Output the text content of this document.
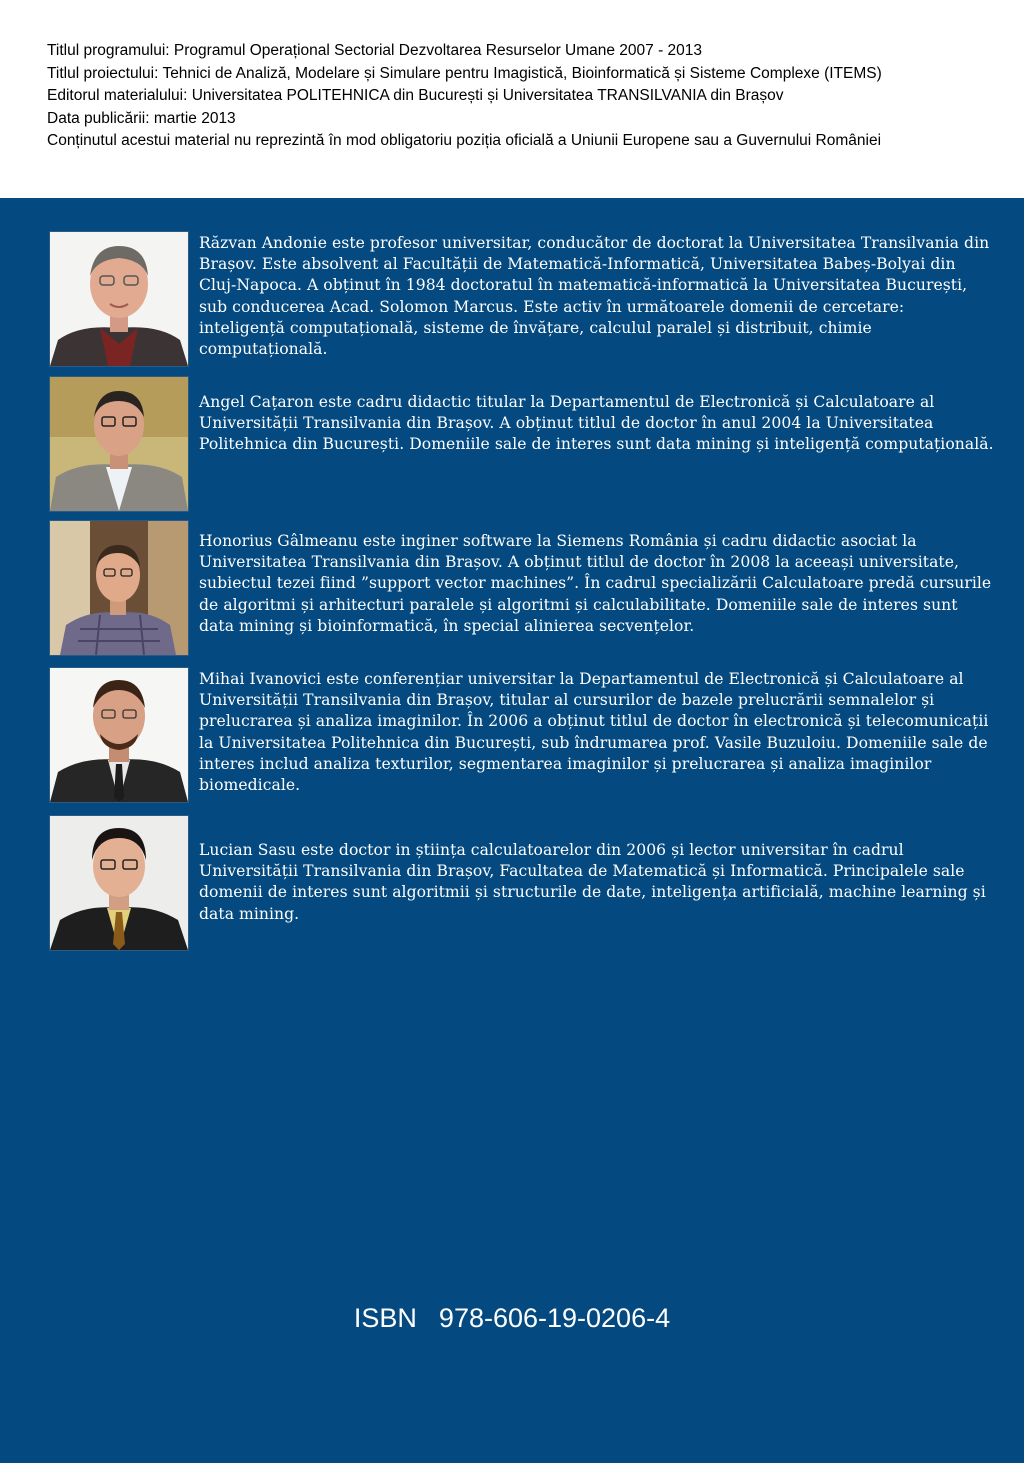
Titlul programului: Programul Operațional Sectorial Dezvoltarea Resurselor Umane 2007 - 2013
Titlul proiectului: Tehnici de Analiză, Modelare și Simulare pentru Imagistică, Bioinformatică și Sisteme Complexe (ITEMS)
Editorul materialului: Universitatea POLITEHNICA din București și Universitatea TRANSILVANIA din Brașov
Data publicării: martie 2013
Conținutul acestui material nu reprezintă în mod obligatoriu poziția oficială a Uniunii Europene sau a Guvernului României
Răzvan Andonie este profesor universitar, conducător de doctorat la Universitatea Transilvania din Brașov. Este absolvent al Facultății de Matematică-Informatică, Universitatea Babeș-Bolyai din Cluj-Napoca. A obținut în 1984 doctoratul în matematică-informatică la Universitatea București, sub conducerea Acad. Solomon Marcus. Este activ în următoarele domenii de cercetare: inteligență computațională, sisteme de învățare, calculul paralel și distribuit, chimie computațională.
Angel Cațaron este cadru didactic titular la Departamentul de Electronică și Calculatoare al Universității Transilvania din Brașov. A obținut titlul de doctor în anul 2004 la Universitatea Politehnica din București. Domeniile sale de interes sunt data mining și inteligență computațională.
Honorius Gâlmeanu este inginer software la Siemens România și cadru didactic asociat la Universitatea Transilvania din Brașov. A obținut titlul de doctor în 2008 la aceeași universitate, subiectul tezei fiind ”support vector machines”. În cadrul specializării Calculatoare predă cursurile de algoritmi și arhitecturi paralele și algoritmi și calculabilitate. Domeniile sale de interes sunt data mining și bioinformatică, în special alinierea secvențelor.
Mihai Ivanovici este conferențiar universitar la Departamentul de Electronică și Calculatoare al Universității Transilvania din Brașov, titular al cursurilor de bazele prelucrării semnalelor și prelucrarea și analiza imaginilor. În 2006 a obținut titlul de doctor în electronică și telecomunicații la Universitatea Politehnica din București, sub îndrumarea prof. Vasile Buzuloiu. Domeniile sale de interes includ analiza texturilor, segmentarea imaginilor și prelucrarea și analiza imaginilor biomedicale.
Lucian Sasu este doctor in știința calculatoarelor din 2006 și lector universitar în cadrul Universității Transilvania din Brașov, Facultatea de Matematică și Informatică. Principalele sale domenii de interes sunt algoritmii și structurile de date, inteligența artificială, machine learning și data mining.
ISBN 978-606-19-0206-4
